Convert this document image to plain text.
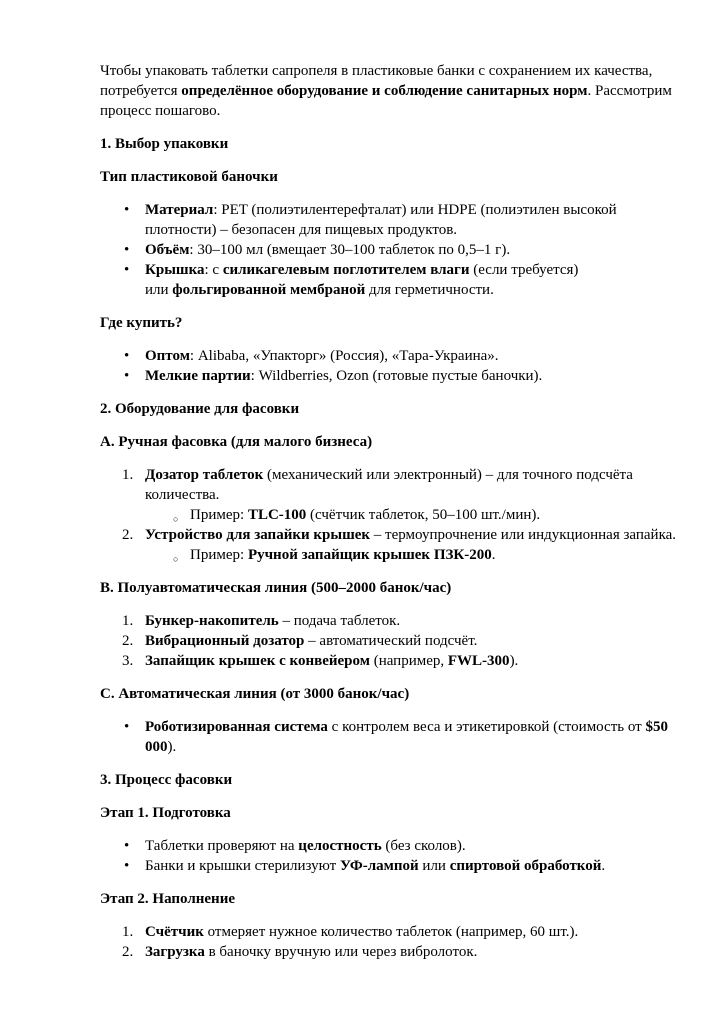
Чтобы упаковать таблетки сапропеля в пластиковые банки с сохранением их качества, потребуется определённое оборудование и соблюдение санитарных норм. Рассмотрим процесс пошагово.

1. Выбор упаковки

Тип пластиковой баночки

• Материал: PET (полиэтилентерефталат) или HDPE (полиэтилен высокой плотности) – безопасен для пищевых продуктов.
• Объём: 30–100 мл (вмещает 30–100 таблеток по 0,5–1 г).
• Крышка: с силикагелевым поглотителем влаги (если требуется)
или фольгированной мембраной для герметичности.

Где купить?

• Оптом: Alibaba, «Упакторг» (Россия), «Тара-Украина».
• Мелкие партии: Wildberries, Ozon (готовые пустые баночки).

2. Оборудование для фасовки

А. Ручная фасовка (для малого бизнеса)

Дозатор таблеток (механический или электронный) – для точного подсчёта количества.
○ Пример: TLC-100 (счётчик таблеток, 50–100 шт./мин).
Устройство для запайки крышек – термоупрочнение или индукционная запайка.
○ Пример: Ручной запайщик крышек ПЗК-200.

B. Полуавтоматическая линия (500–2000 банок/час)

Бункер-накопитель – подача таблеток.
Вибрационный дозатор – автоматический подсчёт.
Запайщик крышек с конвейером (например, FWL-300).

C. Автоматическая линия (от 3000 банок/час)

• Роботизированная система с контролем веса и этикетировкой (стоимость от $50 000).

3. Процесс фасовки

Этап 1. Подготовка

• Таблетки проверяют на целостность (без сколов).
• Банки и крышки стерилизуют УФ-лампой или спиртовой обработкой.

Этап 2. Наполнение

Счётчик отмеряет нужное количество таблеток (например, 60 шт.).
Загрузка в баночку вручную или через вибролоток.
